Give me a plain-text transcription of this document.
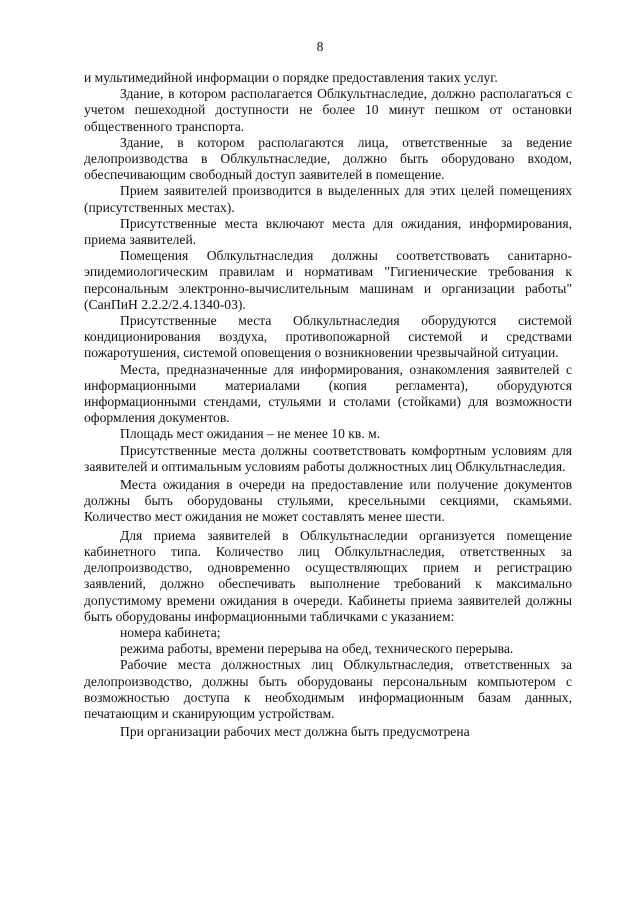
8

и мультимедийной информации о порядке предоставления таких услуг.

Здание, в котором располагается Облкультнаследие, должно располагаться с учетом пешеходной доступности не более 10 минут пешком от остановки общественного транспорта.

Здание, в котором располагаются лица, ответственные за ведение делопроизводства в Облкультнаследие, должно быть оборудовано входом, обеспечивающим свободный доступ заявителей в помещение.

Прием заявителей производится в выделенных для этих целей помещениях (присутственных местах).

Присутственные места включают места для ожидания, информирования, приема заявителей.

Помещения Облкультнаследия должны соответствовать санитарно-эпидемиологическим правилам и нормативам "Гигиенические требования к персональным электронно-вычислительным машинам и организации работы" (СанПиН 2.2.2/2.4.1340-03).

Присутственные места Облкультнаследия оборудуются системой кондиционирования воздуха, противопожарной системой и средствами пожаротушения, системой оповещения о возникновении чрезвычайной ситуации.

Места, предназначенные для информирования, ознакомления заявителей с информационными материалами (копия регламента), оборудуются информационными стендами, стульями и столами (стойками) для возможности оформления документов.

Площадь мест ожидания – не менее 10 кв. м.

Присутственные места должны соответствовать комфортным условиям для заявителей и оптимальным условиям работы должностных лиц Облкультнаследия.

Места ожидания в очереди на предоставление или получение документов должны быть оборудованы стульями, кресельными секциями, скамьями. Количество мест ожидания не может составлять менее шести.

Для приема заявителей в Облкультнаследии организуется помещение кабинетного типа. Количество лиц Облкультнаследия, ответственных за делопроизводство, одновременно осуществляющих прием и регистрацию заявлений, должно обеспечивать выполнение требований к максимально допустимому времени ожидания в очереди. Кабинеты приема заявителей должны быть оборудованы информационными табличками с указанием:

номера кабинета;

режима работы, времени перерыва на обед, технического перерыва.

Рабочие места должностных лиц Облкультнаследия, ответственных за делопроизводство, должны быть оборудованы персональным компьютером с возможностью доступа к необходимым информационным базам данных, печатающим и сканирующим устройствам.

При организации рабочих мест должна быть предусмотрена
